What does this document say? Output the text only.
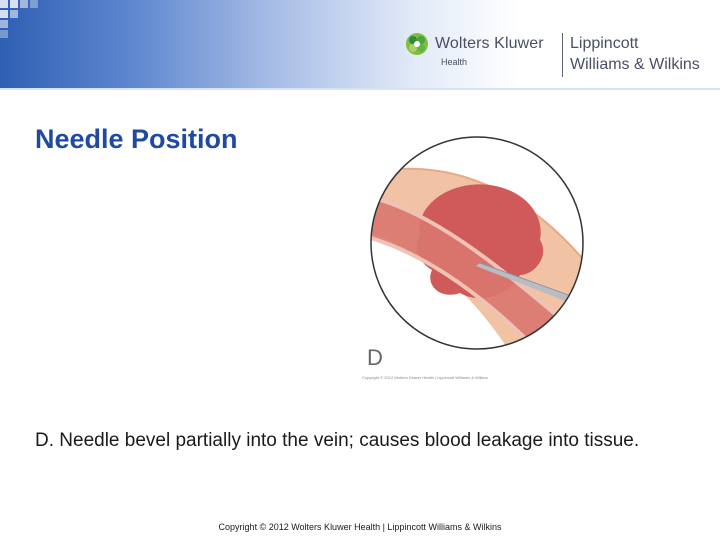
Wolters Kluwer
Health
Lippincott
Williams & Wilkins
Needle Position
D
Copyright © 2012 Wolters Kluwer Health | Lippincott Williams & Wilkins
D. Needle bevel partially into the vein; causes blood leakage into tissue.
Copyright © 2012 Wolters Kluwer Health | Lippincott Williams & Wilkins
